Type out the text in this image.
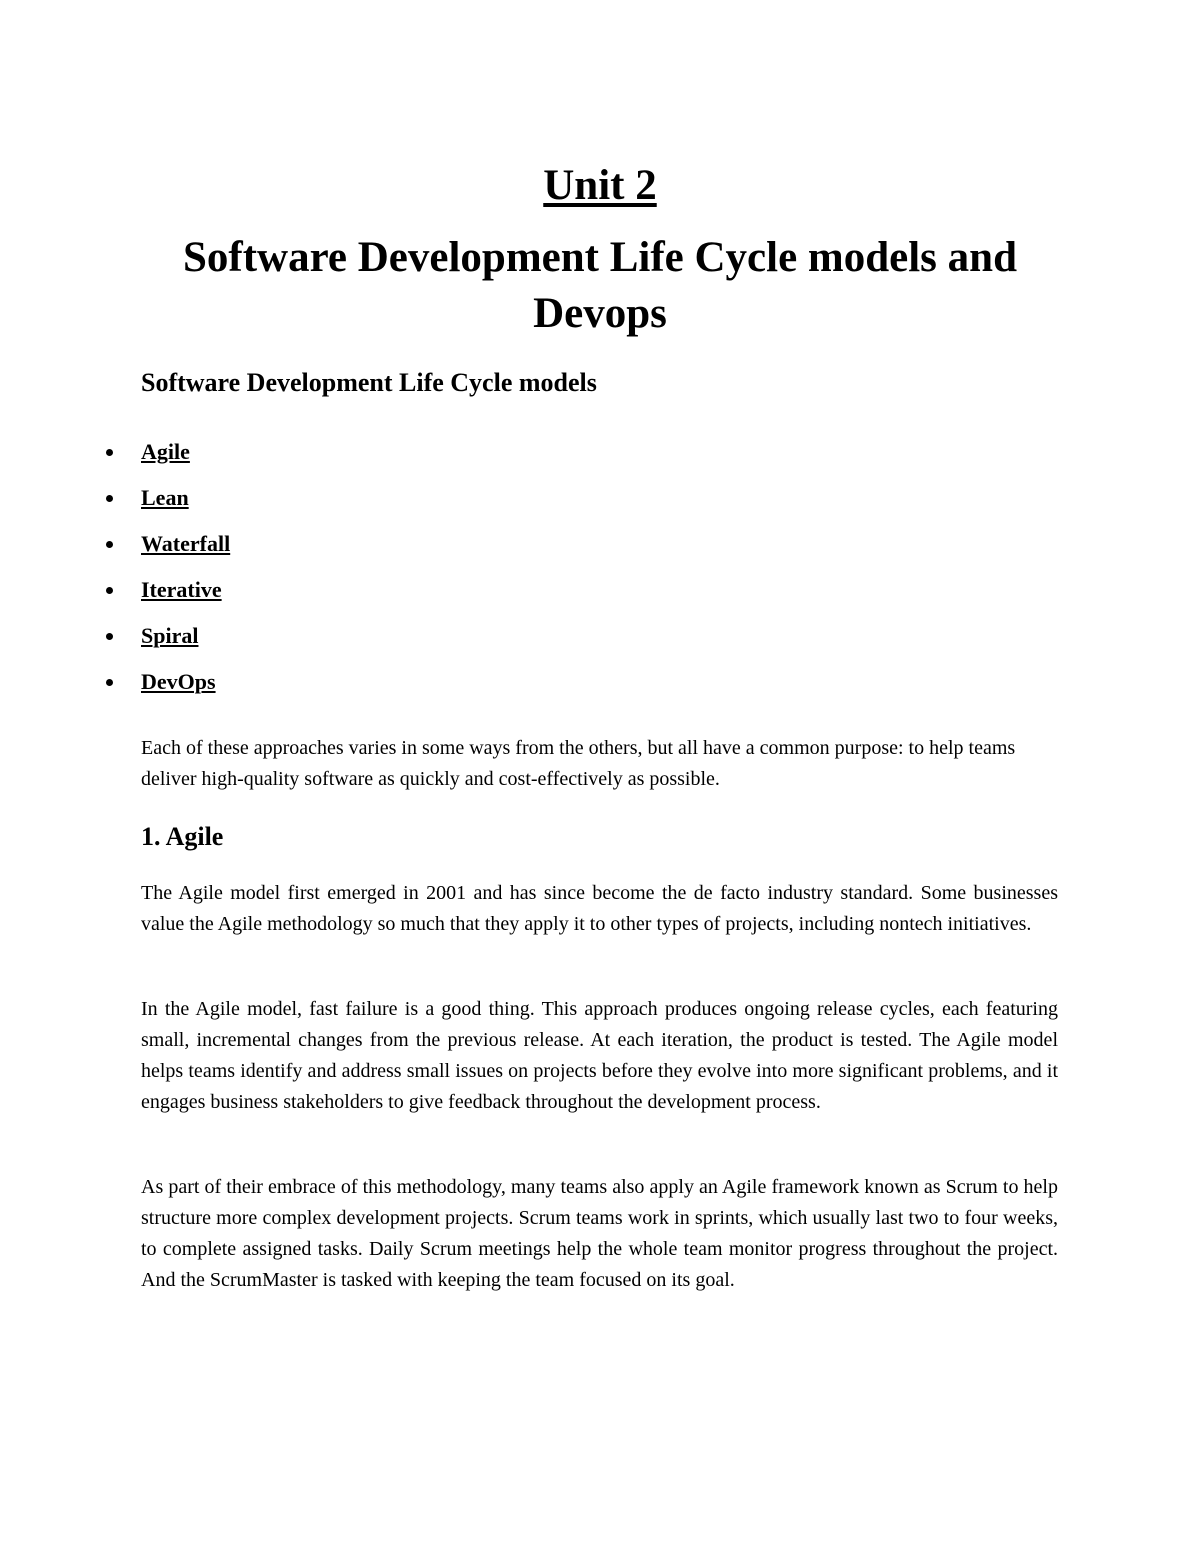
Unit 2
Software Development Life Cycle models and Devops
Software Development Life Cycle models
Agile
Lean
Waterfall
Iterative
Spiral
DevOps

Each of these approaches varies in some ways from the others, but all have a common purpose: to help teams deliver high-quality software as quickly and cost-effectively as possible.

1. Agile

The Agile model first emerged in 2001 and has since become the de facto industry standard. Some businesses value the Agile methodology so much that they apply it to other types of projects, including nontech initiatives.

In the Agile model, fast failure is a good thing. This approach produces ongoing release cycles, each featuring small, incremental changes from the previous release. At each iteration, the product is tested. The Agile model helps teams identify and address small issues on projects before they evolve into more significant problems, and it engages business stakeholders to give feedback throughout the development process.

As part of their embrace of this methodology, many teams also apply an Agile framework known as Scrum to help structure more complex development projects. Scrum teams work in sprints, which usually last two to four weeks, to complete assigned tasks. Daily Scrum meetings help the whole team monitor progress throughout the project. And the ScrumMaster is tasked with keeping the team focused on its goal.
